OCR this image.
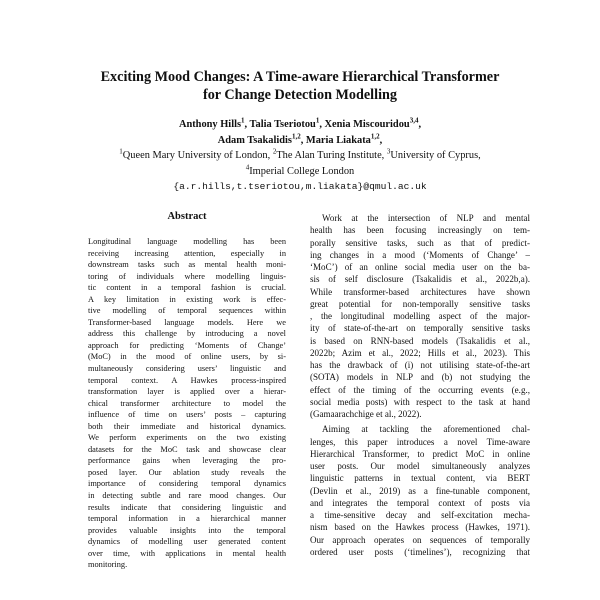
Exciting Mood Changes: A Time-aware Hierarchical Transformer
for Change Detection Modelling
Anthony Hills$^1$, Talia Tseriotou$^1$, Xenia Miscouridou$^{3,4}$,
Adam Tsakalidis$^{1,2}$, Maria Liakata$^{1,2}$,
$^1$Queen Mary University of London, $^2$The Alan Turing Institute, $^3$University of Cyprus,
$^4$Imperial College London
{a.r.hills,t.tseriotou,m.liakata}@qmul.ac.uk
Abstract
Longitudinal language modelling has been
receiving increasing attention, especially in
downstream tasks such as mental health moni-
toring of individuals where modelling linguis-
tic content in a temporal fashion is crucial.
A key limitation in existing work is effec-
tive modelling of temporal sequences within
Transformer-based language models. Here we
address this challenge by introducing a novel
approach for predicting ‘Moments of Change’
(MoC) in the mood of online users, by si-
multaneously considering users’ linguistic and
temporal context. A Hawkes process-inspired
transformation layer is applied over a hierar-
chical transformer architecture to model the
influence of time on users’ posts – capturing
both their immediate and historical dynamics.
We perform experiments on the two existing
datasets for the MoC task and showcase clear
performance gains when leveraging the pro-
posed layer. Our ablation study reveals the
importance of considering temporal dynamics
in detecting subtle and rare mood changes. Our
results indicate that considering linguistic and
temporal information in a hierarchical manner
provides valuable insights into the temporal
dynamics of modelling user generated content
over time, with applications in mental health
monitoring.
Work at the intersection of NLP and mental
health has been focusing increasingly on tem-
porally sensitive tasks, such as that of predict-
ing changes in a mood (‘Moments of Change’ –
‘MoC’) of an online social media user on the ba-
sis of self disclosure (Tsakalidis et al., 2022b,a).
While transformer-based architectures have shown
great potential for non-temporally sensitive tasks
, the longitudinal modelling aspect of the major-
ity of state-of-the-art on temporally sensitive tasks
is based on RNN-based models (Tsakalidis et al.,
2022b; Azim et al., 2022; Hills et al., 2023). This
has the drawback of (i) not utilising state-of-the-art
(SOTA) models in NLP and (b) not studying the
effect of the timing of the occurring events (e.g.,
social media posts) with respect to the task at hand
(Gamaarachchige et al., 2022).
Aiming at tackling the aforementioned chal-
lenges, this paper introduces a novel Time-aware
Hierarchical Transformer, to predict MoC in online
user posts. Our model simultaneously analyzes
linguistic patterns in textual content, via BERT
(Devlin et al., 2019) as a fine-tunable component,
and integrates the temporal context of posts via
a time-sensitive decay and self-excitation mecha-
nism based on the Hawkes process (Hawkes, 1971).
Our approach operates on sequences of temporally
ordered user posts (‘timelines’), recognizing that
